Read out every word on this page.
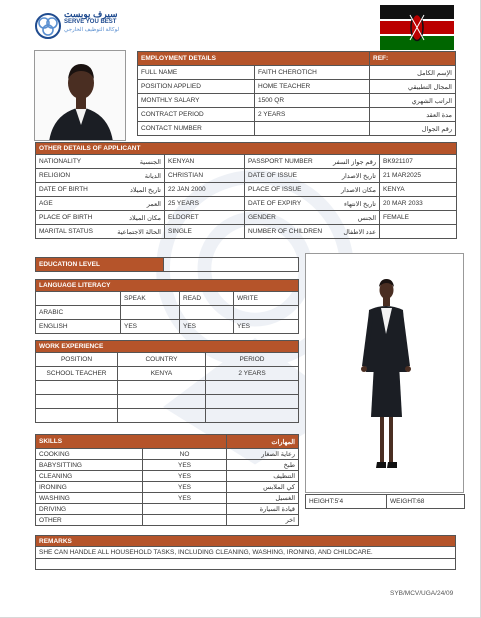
سيرف يوبست
SERVE YOU BEST
لوكالة التوظيف الخارجي
EMPLOYMENT DETAILS		REF:
FULL NAME	FAITH CHEROTICH	الإسم الكامل
POSITION APPLIED	HOME TEACHER	المجال التطبيقي
MONTHLY SALARY	1500 QR	الراتب الشهري
CONTRACT PERIOD	2 YEARS	مدة العقد
CONTACT NUMBER		رقم الجوال
OTHER DETAILS OF APPLICANT			

NATIONALITY الجنسية	KENYAN	PASSPORT NUMBER رقم جواز السفر	BK921107

RELIGION الديانة	CHRISTIAN	DATE OF ISSUE تاريخ الاصدار	21 MAR2025

DATE OF BIRTH تاريخ الميلاد	22 JAN 2000	PLACE OF ISSUE مكان الاصدار	KENYA

AGE العمر	25 YEARS	DATE OF EXPIRY تاريخ الانتهاء	20 MAR 2033

PLACE OF BIRTH مكان الميلاد	ELDORET	GENDER الجنس	FEMALE

MARITAL STATUS الحالة الاجتماعية	SINGLE	NUMBER OF CHILDREN عدد الاطفال	

EDUCATION LEVEL	
LANGUAGE LITERACY			
	SPEAK	READ	WRITE
ARABIC			
ENGLISH	YES	YES	YES
WORK EXPERIENCE		
POSITION	COUNTRY	PERIOD
SCHOOL TEACHER	KENYA	2 YEARS

SKILLS		المهارات
COOKING	NO	رعاية الصغار
BABYSITTING	YES	طبخ
CLEANING	YES	التنظيف
IRONING	YES	كي الملابس
WASHING	YES	الغسيل
DRIVING		قيادة السيارة
OTHER		اخر
HEIGHT:5'4	WEIGHT:68
REMARKS
SHE CAN HANDLE ALL HOUSEHOLD TASKS, INCLUDING CLEANING, WASHING, IRONING, AND CHILDCARE.

SYB/MCV/UGA/24/09
